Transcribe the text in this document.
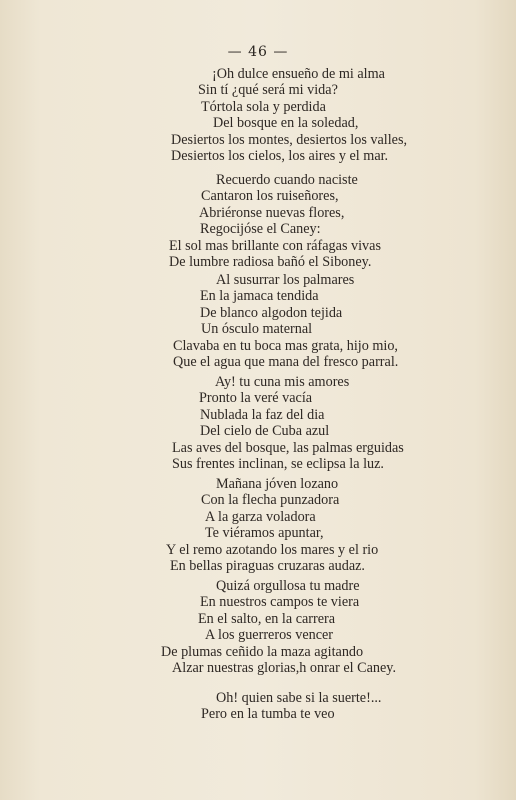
— 46 —
¡Oh dulce ensueño de mi alma
Sin tí ¿qué será mi vida?
Tórtola sola y perdida
Del bosque en la soledad,
Desiertos los montes, desiertos los valles,
Desiertos los cielos, los aires y el mar.
Recuerdo cuando naciste
Cantaron los ruiseñores,
Abriéronse nuevas flores,
Regocijóse el Caney:
El sol mas brillante con ráfagas vivas
De lumbre radiosa bañó el Siboney.
Al susurrar los palmares
En la jamaca tendida
De blanco algodon tejida
Un ósculo maternal
Clavaba en tu boca mas grata, hijo mio,
Que el agua que mana del fresco parral.
Ay! tu cuna mis amores
Pronto la veré vacía
Nublada la faz del dia
Del cielo de Cuba azul
Las aves del bosque, las palmas erguidas
Sus frentes inclinan, se eclipsa la luz.
Mañana jóven lozano
Con la flecha punzadora
A la garza voladora
Te viéramos apuntar,
Y el remo azotando los mares y el rio
En bellas piraguas cruzaras audaz.
Quizá orgullosa tu madre
En nuestros campos te viera
En el salto, en la carrera
A los guerreros vencer
De plumas ceñido la maza agitando
Alzar nuestras glorias,h onrar el Caney.
Oh! quien sabe si la suerte!...
Pero en la tumba te veo
